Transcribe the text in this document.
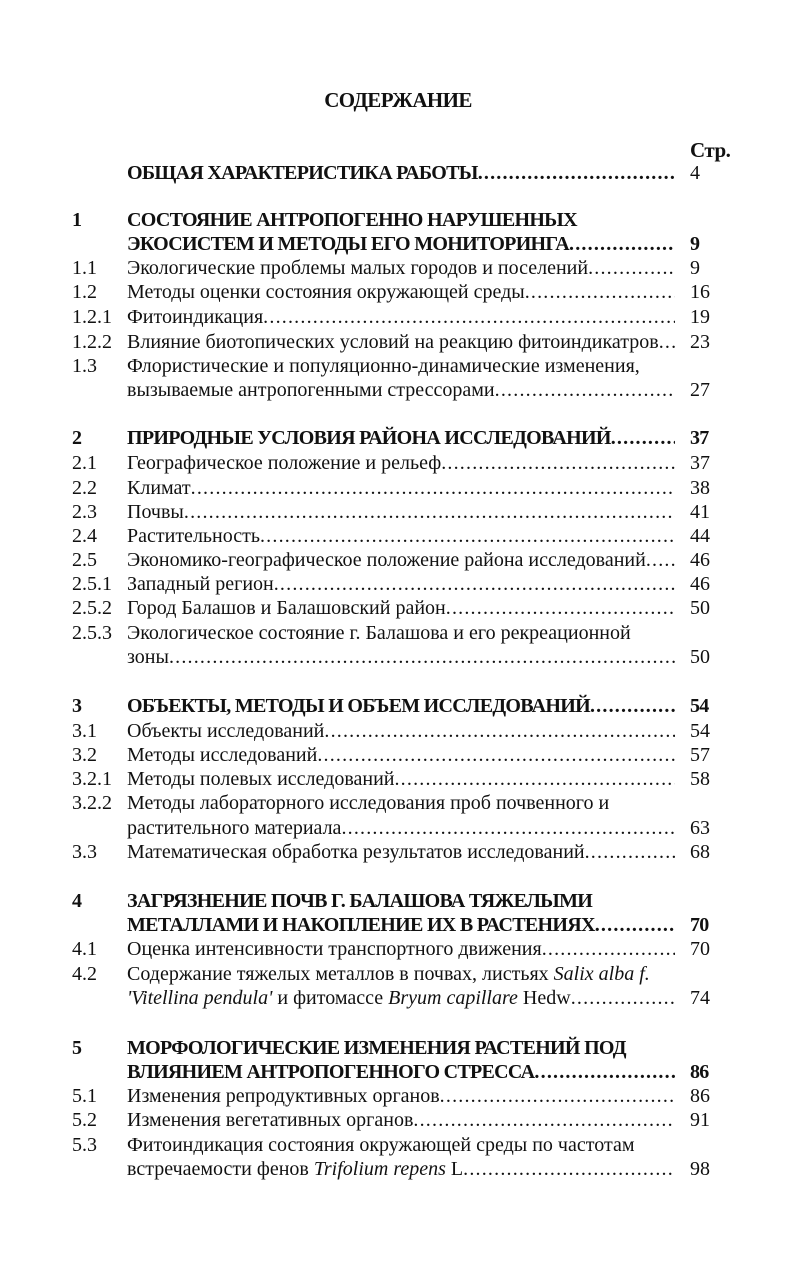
СОДЕРЖАНИЕ
Стр.
ОБЩАЯ ХАРАКТЕРИСТИКА РАБОТЫ .....	4
1 СОСТОЯНИЕ АНТРОПОГЕННО НАРУШЕННЫХ
ЭКОСИСТЕМ И МЕТОДЫ ЕГО МОНИТОРИНГА .....	9
1.1 Экологические проблемы малых городов и поселений .....	9
1.2 Методы оценки состояния окружающей среды .....	16
1.2.1 Фитоиндикация .....	19
1.2.2 Влияние биотопических условий на реакцию фитоиндикатров ..... 23
1.3 Флористические и популяционно-динамические изменения,
вызываемые антропогенными стрессорами .....	27
2 ПРИРОДНЫЕ УСЛОВИЯ РАЙОНА ИССЛЕДОВАНИЙ .....	37
2.1 Географическое положение и рельеф .....	37
2.2 Климат .....	38
2.3 Почвы .....	41
2.4 Растительность .....	44
2.5 Экономико-географическое положение района исследований ..... 46
2.5.1 Западный регион .....	46
2.5.2 Город Балашов и Балашовский район .....	50
2.5.3 Экологическое состояние г. Балашова и его рекреационной
зоны .....	50
3 ОБЪЕКТЫ, МЕТОДЫ И ОБЪЕМ ИССЛЕДОВАНИЙ .....	54
3.1 Объекты исследований .....	54
3.2 Методы исследований .....	57
3.2.1 Методы полевых исследований .....	58
3.2.2 Методы лабораторного исследования проб почвенного и
растительного материала .....	63
3.3 Математическая обработка результатов исследований .....	68
4 ЗАГРЯЗНЕНИЕ ПОЧВ Г. БАЛАШОВА ТЯЖЕЛЫМИ
МЕТАЛЛАМИ И НАКОПЛЕНИЕ ИХ В РАСТЕНИЯХ .....	70
4.1 Оценка интенсивности транспортного движения .....	70
4.2 Содержание тяжелых металлов в почвах, листьях Salix alba f.
'Vitellina pendula' и фитомассе Bryum capillare Hedw .....	74
5 МОРФОЛОГИЧЕСКИЕ ИЗМЕНЕНИЯ РАСТЕНИЙ ПОД
ВЛИЯНИЕМ АНТРОПОГЕННОГО СТРЕССА .....	86
5.1 Изменения репродуктивных органов .....	86
5.2 Изменения вегетативных органов .....	91
5.3 Фитоиндикация состояния окружающей среды по частотам
встречаемости фенов Trifolium repens L .....	98
